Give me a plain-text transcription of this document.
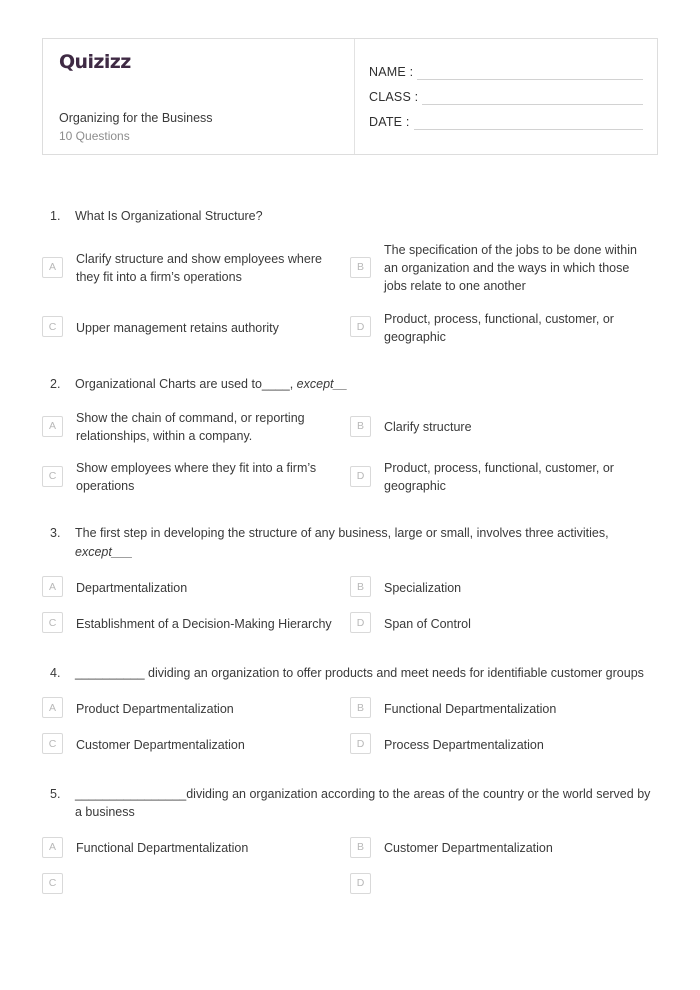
Quizizz
Organizing for the Business
10 Questions
NAME :
CLASS :
DATE :
1.	What Is Organizational Structure?
A
Clarify structure and show employees where they fit into a firm’s operations
B
The specification of the jobs to be done within an organization and the ways in which those jobs relate to one another
C	Upper management retains authority	D
Product, process, functional, customer, or geographic
2.	Organizational Charts are used to____, except__
A
Show the chain of command, or reporting relationships, within a company.
B	Clarify structure
C
Show employees where they fit into a firm’s operations
D
Product, process, functional, customer, or geographic
3.	The first step in developing the structure of any business, large or small, involves three activities, except___
A	Departmentalization	B	Specialization
C	Establishment of a Decision-Making Hierarchy	D	Span of Control
4.	__________ dividing an organization to offer products and meet needs for identifiable customer groups
A	Product Departmentalization	B	Functional Departmentalization
C	Customer Departmentalization	D	Process Departmentalization
5.	________________dividing an organization according to the areas of the country or the world served by a business
A	Functional Departmentalization	B	Customer Departmentalization
C	D
